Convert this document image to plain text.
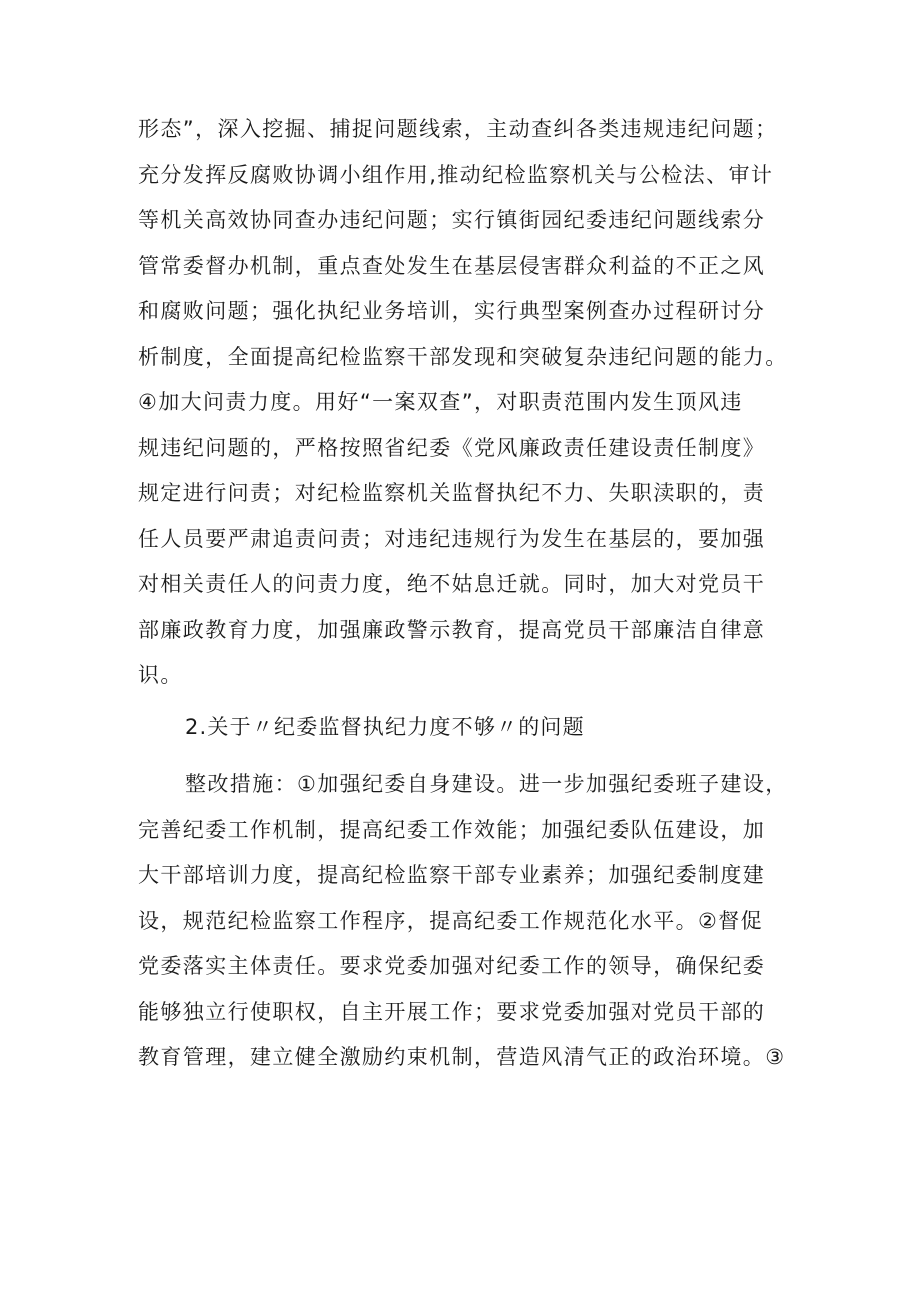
形态”，深入挖掘、捕捉问题线索，主动查纠各类违规违纪问题；
充分发挥反腐败协调小组作用,推动纪检监察机关与公检法、审计
等机关高效协同查办违纪问题；实行镇街园纪委违纪问题线索分
管常委督办机制，重点查处发生在基层侵害群众利益的不正之风
和腐败问题；强化执纪业务培训，实行典型案例查办过程研讨分
析制度，全面提高纪检监察干部发现和突破复杂违纪问题的能力。
④加大问责力度。用好“一案双查”，对职责范围内发生顶风违
规违纪问题的，严格按照省纪委《党风廉政责任建设责任制度》
规定进行问责；对纪检监察机关监督执纪不力、失职渎职的，责
任人员要严肃追责问责；对违纪违规行为发生在基层的，要加强
对相关责任人的问责力度，绝不姑息迁就。同时，加大对党员干
部廉政教育力度，加强廉政警示教育，提高党员干部廉洁自律意
识。
2.关于〃纪委监督执纪力度不够〃的问题
整改措施：①加强纪委自身建设。进一步加强纪委班子建设，
完善纪委工作机制，提高纪委工作效能；加强纪委队伍建设，加
大干部培训力度，提高纪检监察干部专业素养；加强纪委制度建
设，规范纪检监察工作程序，提高纪委工作规范化水平。②督促
党委落实主体责任。要求党委加强对纪委工作的领导，确保纪委
能够独立行使职权，自主开展工作；要求党委加强对党员干部的
教育管理，建立健全激励约束机制，营造风清气正的政治环境。③
